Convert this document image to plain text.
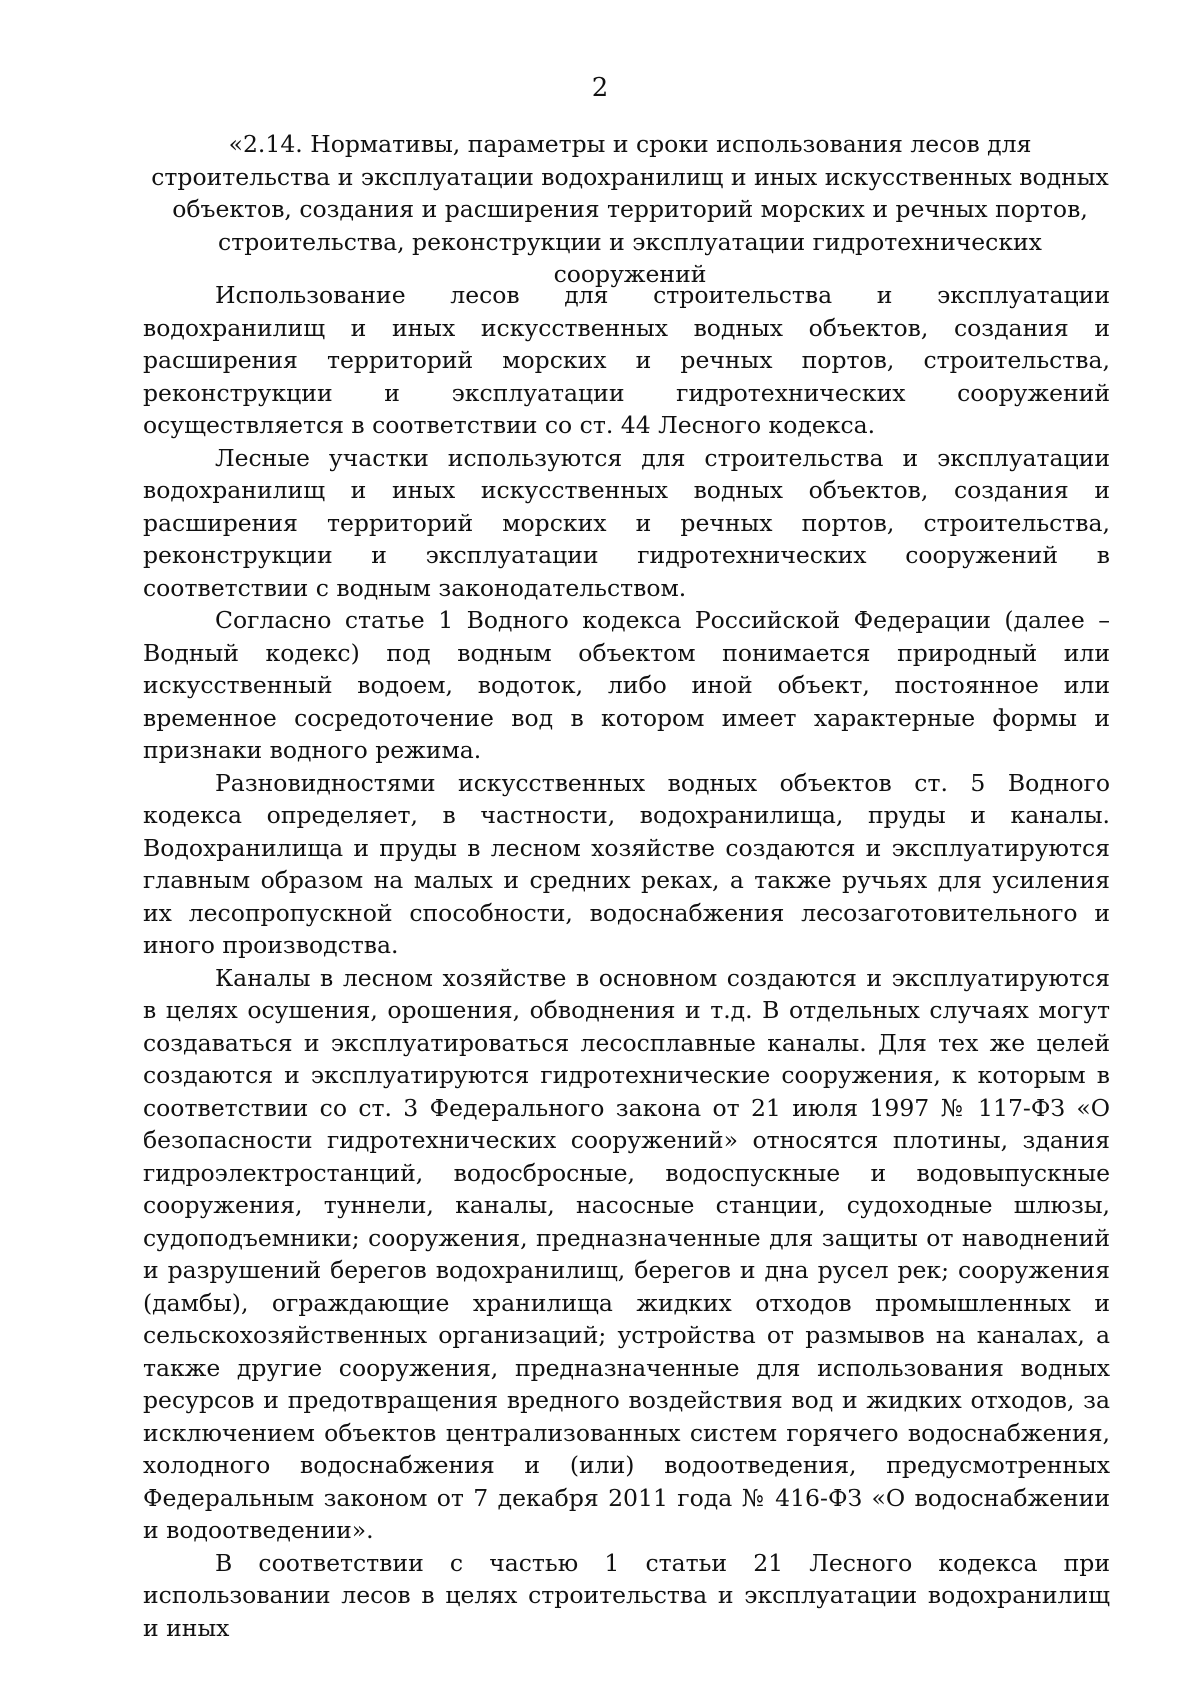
2
«2.14. Нормативы, параметры и сроки использования лесов для строительства и эксплуатации водохранилищ и иных искусственных водных объектов, создания и расширения территорий морских и речных портов, строительства, реконструкции и эксплуатации гидротехнических сооружений

Использование лесов для строительства и эксплуатации водохранилищ и иных искусственных водных объектов, создания и расширения территорий морских и речных портов, строительства, реконструкции и эксплуатации гидротехнических сооружений осуществляется в соответствии со ст. 44 Лесного кодекса.

Лесные участки используются для строительства и эксплуатации водохранилищ и иных искусственных водных объектов, создания и расширения территорий морских и речных портов, строительства, реконструкции и эксплуатации гидротехнических сооружений в соответствии с водным законодательством.

Согласно статье 1 Водного кодекса Российской Федерации (далее – Водный кодекс) под водным объектом понимается природный или искусственный водоем, водоток, либо иной объект, постоянное или временное сосредоточение вод в котором имеет характерные формы и признаки водного режима.

Разновидностями искусственных водных объектов ст. 5 Водного кодекса определяет, в частности, водохранилища, пруды и каналы. Водохранилища и пруды в лесном хозяйстве создаются и эксплуатируются главным образом на малых и средних реках, а также ручьях для усиления их лесопропускной способности, водоснабжения лесозаготовительного и иного производства.

Каналы в лесном хозяйстве в основном создаются и эксплуатируются в целях осушения, орошения, обводнения и т.д. В отдельных случаях могут создаваться и эксплуатироваться лесосплавные каналы. Для тех же целей создаются и эксплуатируются гидротехнические сооружения, к которым в соответствии со ст. 3 Федерального закона от 21 июля 1997 № 117-ФЗ «О безопасности гидротехнических сооружений» относятся плотины, здания гидроэлектростанций, водосбросные, водоспускные и водовыпускные сооружения, туннели, каналы, насосные станции, судоходные шлюзы, судоподъемники; сооружения, предназначенные для защиты от наводнений и разрушений берегов водохранилищ, берегов и дна русел рек; сооружения (дамбы), ограждающие хранилища жидких отходов промышленных и сельскохозяйственных организаций; устройства от размывов на каналах, а также другие сооружения, предназначенные для использования водных ресурсов и предотвращения вредного воздействия вод и жидких отходов, за исключением объектов централизованных систем горячего водоснабжения, холодного водоснабжения и (или) водоотведения, предусмотренных Федеральным законом от 7 декабря 2011 года № 416-ФЗ «О водоснабжении и водоотведении».

В соответствии с частью 1 статьи 21 Лесного кодекса при использовании лесов в целях строительства и эксплуатации водохранилищ и иных
